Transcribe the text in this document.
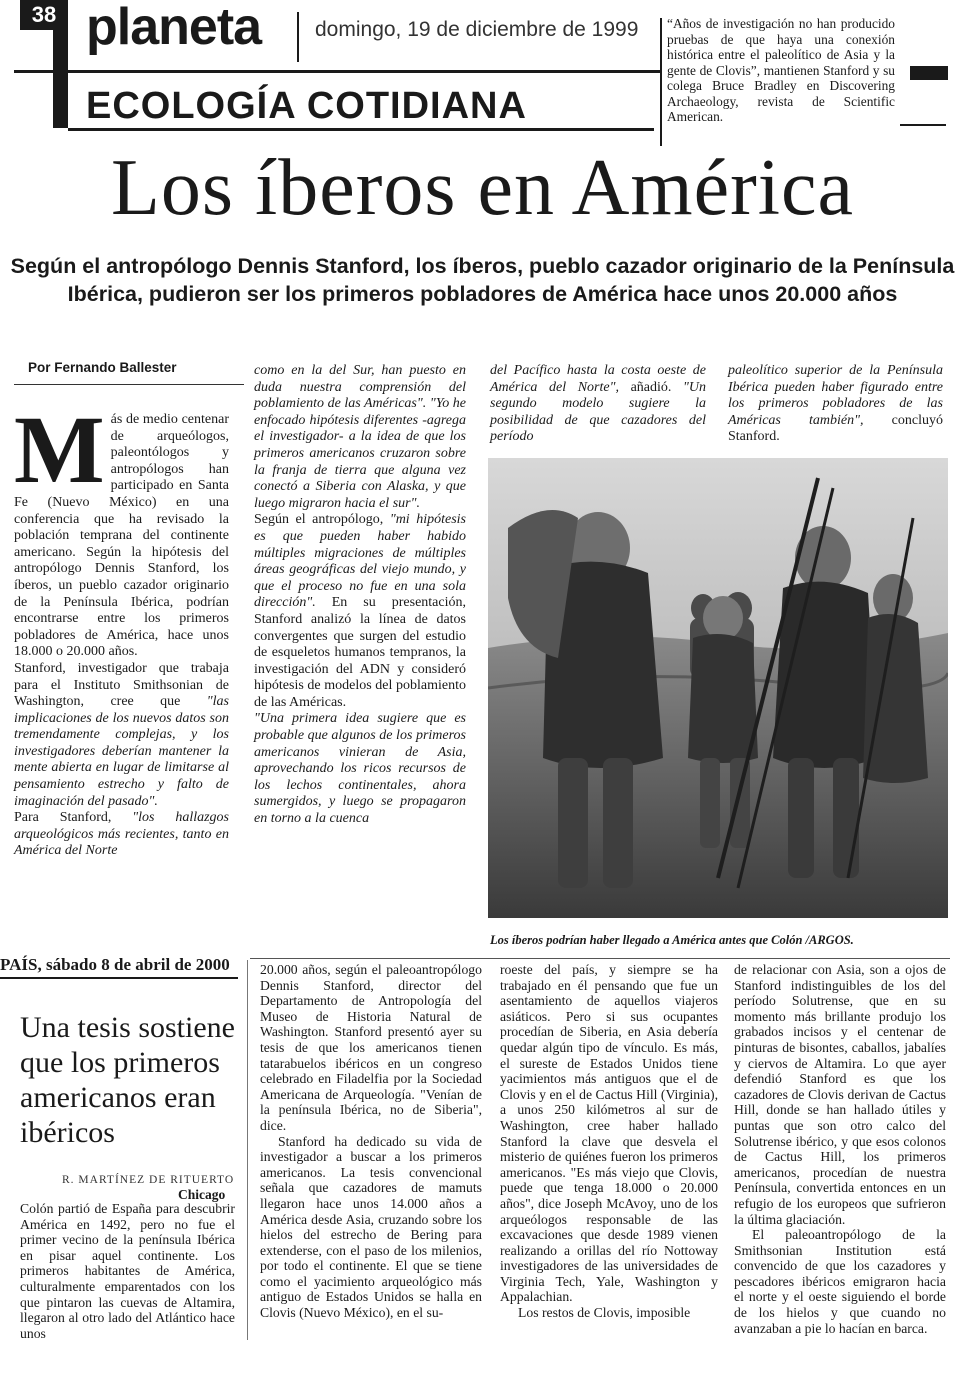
38 planeta	domingo, 19 de diciembre de 1999
ECOLOGÍA COTIDIANA
“Años de investigación no han producido pruebas de que haya una conexión histórica entre el paleolítico de Asia y la gente de Clovis”, mantienen Stanford y su colega Bruce Bradley en Discovering Archaeology, revista de Scientific American.
Los íberos en América
Según el antropólogo Dennis Stanford, los íberos, pueblo cazador originario de la Península Ibérica, pudieron ser los primeros pobladores de América hace unos 20.000 años
Por Fernando Ballester
M ás de medio centenar de arqueólogos, paleontólogos y antropólogos han participado en Santa Fe (Nuevo México) en una conferencia que ha revisado la población temprana del continente americano. Según la hipótesis del antropólogo Dennis Stanford, los íberos, un pueblo cazador originario de la Península Ibérica, podrían encontrarse entre los primeros pobladores de América, hace unos 18.000 o 20.000 años.

Stanford, investigador que trabaja para el Instituto Smithsonian de Washington, cree que "las implicaciones de los nuevos datos son tremendamente complejas, y los investigadores deberían mantener la mente abierta en lugar de limitarse al pensamiento estrecho y falto de imaginación del pasado".

Para Stanford, "los hallazgos arqueológicos más recientes, tanto en América del Norte

como en la del Sur, han puesto en duda nuestra comprensión del poblamiento de las Américas". "Yo he enfocado hipótesis diferentes -agrega el investigador- a la idea de que los primeros americanos cruzaron sobre la franja de tierra que alguna vez conectó a Siberia con Alaska, y que luego migraron hacia el sur".

Según el antropólogo, "mi hipótesis es que pueden haber habido múltiples migraciones de múltiples áreas geográficas del viejo mundo, y que el proceso no fue en una sola dirección". En su presentación, Stanford analizó la línea de datos convergentes que surgen del estudio de esqueletos humanos tempranos, la investigación del ADN y consideró hipótesis de modelos del poblamiento de las Américas.

"Una primera idea sugiere que es probable que algunos de los primeros americanos vinieran de Asia, aprovechando los ricos recursos de los lechos continentales, ahora sumergidos, y luego se propagaron en torno a la cuenca

del Pacífico hasta la costa oeste de América del Norte", añadió. "Un segundo modelo sugiere la posibilidad de que cazadores del período

paleolítico superior de la Península Ibérica pueden haber figurado entre los primeros pobladores de las Américas también", concluyó Stanford.

Los íberos podrían haber llegado a América antes que Colón /ARGOS.
PAÍS, sábado 8 de abril de 2000
Una tesis sostiene que los primeros americanos eran ibéricos
R. MARTÍNEZ DE RITUERTO
Chicago

Colón partió de España para descubrir América en 1492, pero no fue el primer vecino de la península Ibérica en pisar aquel continente. Los primeros habitantes de América, culturalmente emparentados con los que pintaron las cuevas de Altamira, llegaron al otro lado del Atlántico hace unos

20.000 años, según el paleoantropólogo Dennis Stanford, director del Departamento de Antropología del Museo de Historia Natural de Washington. Stanford presentó ayer su tesis de que los americanos tienen tatarabuelos ibéricos en un congreso celebrado en Filadelfia por la Sociedad Americana de Arqueología. "Venían de la península Ibérica, no de Siberia", dice.

Stanford ha dedicado su vida de investigador a buscar a los primeros americanos. La tesis convencional señala que cazadores de mamuts llegaron hace unos 14.000 años a América desde Asia, cruzando sobre los hielos del estrecho de Bering para extenderse, con el paso de los milenios, por todo el continente. El que se tiene como el yacimiento arqueológico más antiguo de Estados Unidos se halla en Clovis (Nuevo México), en el su-

roeste del país, y siempre se ha trabajado en él pensando que fue un asentamiento de aquellos viajeros asiáticos. Pero si sus ocupantes procedían de Siberia, en Asia debería quedar algún tipo de vínculo. Es más, el sureste de Estados Unidos tiene yacimientos más antiguos que el de Clovis y en el de Cactus Hill (Virginia), a unos 250 kilómetros al sur de Washington, cree haber hallado Stanford la clave que desvela el misterio de quiénes fueron los primeros americanos. "Es más viejo que Clovis, puede que tenga 18.000 o 20.000 años", dice Joseph McAvoy, uno de los arqueólogos responsable de las excavaciones que desde 1989 vienen realizando a orillas del río Nottoway investigadores de las universidades de Virginia Tech, Yale, Washington y Appalachian.

Los restos de Clovis, imposible

de relacionar con Asia, son a ojos de Stanford indistinguibles de los del período Solutrense, que en su momento más brillante produjo los grabados incisos y el centenar de pinturas de bisontes, caballos, jabalíes y ciervos de Altamira. Lo que ayer defendió Stanford es que los cazadores de Clovis derivan de Cactus Hill, donde se han hallado útiles y puntas que son otro calco del Solutrense ibérico, y que esos colonos de Cactus Hill, los primeros americanos, procedían de nuestra Península, convertida entonces en un refugio de los europeos que sufrieron la última glaciación.

El paleoantropólogo de la Smithsonian Institution está convencido de que los cazadores y pescadores ibéricos emigraron hacia el norte y el oeste siguiendo el borde de los hielos y que cuando no avanzaban a pie lo hacían en barca.
